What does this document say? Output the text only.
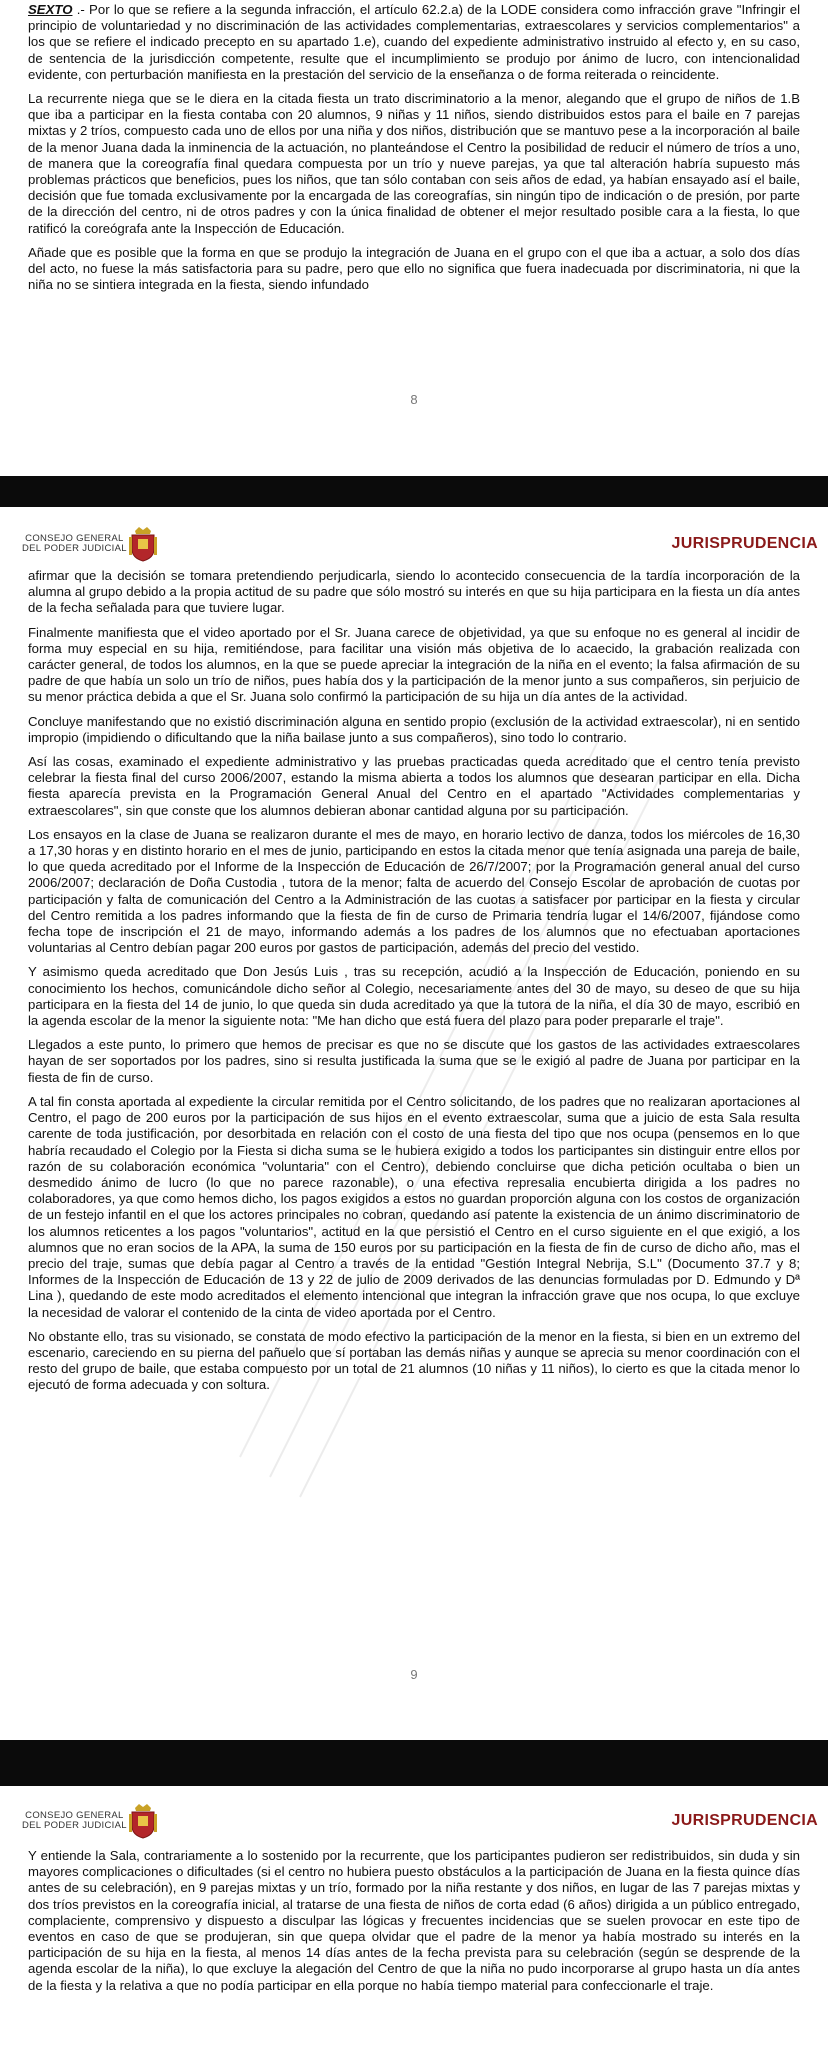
SEXTO .- Por lo que se refiere a la segunda infracción, el artículo 62.2.a) de la LODE considera como infracción grave "Infringir el principio de voluntariedad y no discriminación de las actividades complementarias, extraescolares y servicios complementarios" a los que se refiere el indicado precepto en su apartado 1.e), cuando del expediente administrativo instruido al efecto y, en su caso, de sentencia de la jurisdicción competente, resulte que el incumplimiento se produjo por ánimo de lucro, con intencionalidad evidente, con perturbación manifiesta en la prestación del servicio de la enseñanza o de forma reiterada o reincidente.

La recurrente niega que se le diera en la citada fiesta un trato discriminatorio a la menor, alegando que el grupo de niños de 1.B que iba a participar en la fiesta contaba con 20 alumnos, 9 niñas y 11 niños, siendo distribuidos estos para el baile en 7 parejas mixtas y 2 tríos, compuesto cada uno de ellos por una niña y dos niños, distribución que se mantuvo pese a la incorporación al baile de la menor Juana dada la inminencia de la actuación, no planteándose el Centro la posibilidad de reducir el número de tríos a uno, de manera que la coreografía final quedara compuesta por un trío y nueve parejas, ya que tal alteración habría supuesto más problemas prácticos que beneficios, pues los niños, que tan sólo contaban con seis años de edad, ya habían ensayado así el baile, decisión que fue tomada exclusivamente por la encargada de las coreografías, sin ningún tipo de indicación o de presión, por parte de la dirección del centro, ni de otros padres y con la única finalidad de obtener el mejor resultado posible cara a la fiesta, lo que ratificó la coreógrafa ante la Inspección de Educación.

Añade que es posible que la forma en que se produjo la integración de Juana en el grupo con el que iba a actuar, a solo dos días del acto, no fuese la más satisfactoria para su padre, pero que ello no significa que fuera inadecuada por discriminatoria, ni que la niña no se sintiera integrada en la fiesta, siendo infundado

8
CONSEJO GENERAL
DEL PODER JUDICIAL	JURISPRUDENCIA

afirmar que la decisión se tomara pretendiendo perjudicarla, siendo lo acontecido consecuencia de la tardía incorporación de la alumna al grupo debido a la propia actitud de su padre que sólo mostró su interés en que su hija participara en la fiesta un día antes de la fecha señalada para que tuviere lugar.

Finalmente manifiesta que el video aportado por el Sr. Juana carece de objetividad, ya que su enfoque no es general al incidir de forma muy especial en su hija, remitiéndose, para facilitar una visión más objetiva de lo acaecido, la grabación realizada con carácter general, de todos los alumnos, en la que se puede apreciar la integración de la niña en el evento; la falsa afirmación de su padre de que había un solo un trío de niños, pues había dos y la participación de la menor junto a sus compañeros, sin perjuicio de su menor práctica debida a que el Sr. Juana solo confirmó la participación de su hija un día antes de la actividad.

Concluye manifestando que no existió discriminación alguna en sentido propio (exclusión de la actividad extraescolar), ni en sentido impropio (impidiendo o dificultando que la niña bailase junto a sus compañeros), sino todo lo contrario.

Así las cosas, examinado el expediente administrativo y las pruebas practicadas queda acreditado que el centro tenía previsto celebrar la fiesta final del curso 2006/2007, estando la misma abierta a todos los alumnos que desearan participar en ella. Dicha fiesta aparecía prevista en la Programación General Anual del Centro en el apartado "Actividades complementarias y extraescolares", sin que conste que los alumnos debieran abonar cantidad alguna por su participación.

Los ensayos en la clase de Juana se realizaron durante el mes de mayo, en horario lectivo de danza, todos los miércoles de 16,30 a 17,30 horas y en distinto horario en el mes de junio, participando en estos la citada menor que tenía asignada una pareja de baile, lo que queda acreditado por el Informe de la Inspección de Educación de 26/7/2007; por la Programación general anual del curso 2006/2007; declaración de Doña Custodia , tutora de la menor; falta de acuerdo del Consejo Escolar de aprobación de cuotas por participación y falta de comunicación del Centro a la Administración de las cuotas a satisfacer por participar en la fiesta y circular del Centro remitida a los padres informando que la fiesta de fin de curso de Primaria tendría lugar el 14/6/2007, fijándose como fecha tope de inscripción el 21 de mayo, informando además a los padres de los alumnos que no efectuaban aportaciones voluntarias al Centro debían pagar 200 euros por gastos de participación, además del precio del vestido.

Y asimismo queda acreditado que Don Jesús Luis , tras su recepción, acudió a la Inspección de Educación, poniendo en su conocimiento los hechos, comunicándole dicho señor al Colegio, necesariamente antes del 30 de mayo, su deseo de que su hija participara en la fiesta del 14 de junio, lo que queda sin duda acreditado ya que la tutora de la niña, el día 30 de mayo, escribió en la agenda escolar de la menor la siguiente nota: "Me han dicho que está fuera del plazo para poder prepararle el traje".

Llegados a este punto, lo primero que hemos de precisar es que no se discute que los gastos de las actividades extraescolares hayan de ser soportados por los padres, sino si resulta justificada la suma que se le exigió al padre de Juana por participar en la fiesta de fin de curso.

A tal fin consta aportada al expediente la circular remitida por el Centro solicitando, de los padres que no realizaran aportaciones al Centro, el pago de 200 euros por la participación de sus hijos en el evento extraescolar, suma que a juicio de esta Sala resulta carente de toda justificación, por desorbitada en relación con el costo de una fiesta del tipo que nos ocupa (pensemos en lo que habría recaudado el Colegio por la Fiesta si dicha suma se le hubiera exigido a todos los participantes sin distinguir entre ellos por razón de su colaboración económica "voluntaria" con el Centro), debiendo concluirse que dicha petición ocultaba o bien un desmedido ánimo de lucro (lo que no parece razonable), o una efectiva represalia encubierta dirigida a los padres no colaboradores, ya que como hemos dicho, los pagos exigidos a estos no guardan proporción alguna con los costos de organización de un festejo infantil en el que los actores principales no cobran, quedando así patente la existencia de un ánimo discriminatorio de los alumnos reticentes a los pagos "voluntarios", actitud en la que persistió el Centro en el curso siguiente en el que exigió, a los alumnos que no eran socios de la APA, la suma de 150 euros por su participación en la fiesta de fin de curso de dicho año, mas el precio del traje, sumas que debía pagar al Centro a través de la entidad "Gestión Integral Nebrija, S.L" (Documento 37.7 y 8; Informes de la Inspección de Educación de 13 y 22 de julio de 2009 derivados de las denuncias formuladas por D. Edmundo y Dª Lina ), quedando de este modo acreditados el elemento intencional que integran la infracción grave que nos ocupa, lo que excluye la necesidad de valorar el contenido de la cinta de video aportada por el Centro.

No obstante ello, tras su visionado, se constata de modo efectivo la participación de la menor en la fiesta, si bien en un extremo del escenario, careciendo en su pierna del pañuelo que sí portaban las demás niñas y aunque se aprecia su menor coordinación con el resto del grupo de baile, que estaba compuesto por un total de 21 alumnos (10 niñas y 11 niños), lo cierto es que la citada menor lo ejecutó de forma adecuada y con soltura.

9
CONSEJO GENERAL
DEL PODER JUDICIAL	JURISPRUDENCIA

Y entiende la Sala, contrariamente a lo sostenido por la recurrente, que los participantes pudieron ser redistribuidos, sin duda y sin mayores complicaciones o dificultades (si el centro no hubiera puesto obstáculos a la participación de Juana en la fiesta quince días antes de su celebración), en 9 parejas mixtas y un trío, formado por la niña restante y dos niños, en lugar de las 7 parejas mixtas y dos tríos previstos en la coreografía inicial, al tratarse de una fiesta de niños de corta edad (6 años) dirigida a un público entregado, complaciente, comprensivo y dispuesto a disculpar las lógicas y frecuentes incidencias que se suelen provocar en este tipo de eventos en caso de que se produjeran, sin que quepa olvidar que el padre de la menor ya había mostrado su interés en la participación de su hija en la fiesta, al menos 14 días antes de la fecha prevista para su celebración (según se desprende de la agenda escolar de la niña), lo que excluye la alegación del Centro de que la niña no pudo incorporarse al grupo hasta un día antes de la fiesta y la relativa a que no podía participar en ella porque no había tiempo material para confeccionarle el traje.
